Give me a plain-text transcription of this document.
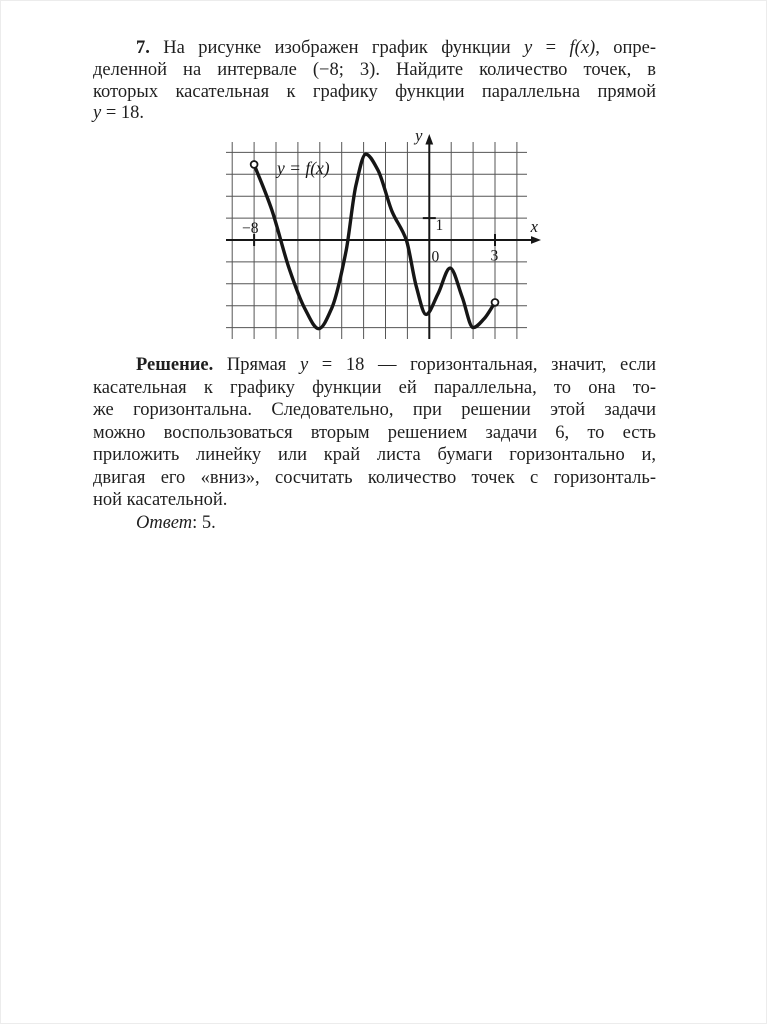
7. На рисунке изображен график функции y = f(x), опре-
деленной на интервале (−8; 3). Найдите количество точек, в
которых касательная к графику функции параллельна прямой
y = 18.
y = f(x)
y
x
1
0	3
−8
Решение. Прямая y = 18 — горизонтальная, значит, если
касательная к графику функции ей параллельна, то она то-
же горизонтальна. Следовательно, при решении этой задачи
можно воспользоваться вторым решением задачи 6, то есть
приложить линейку или край листа бумаги горизонтально и,
двигая его «вниз», сосчитать количество точек с горизонталь-
ной касательной.
Ответ: 5.
